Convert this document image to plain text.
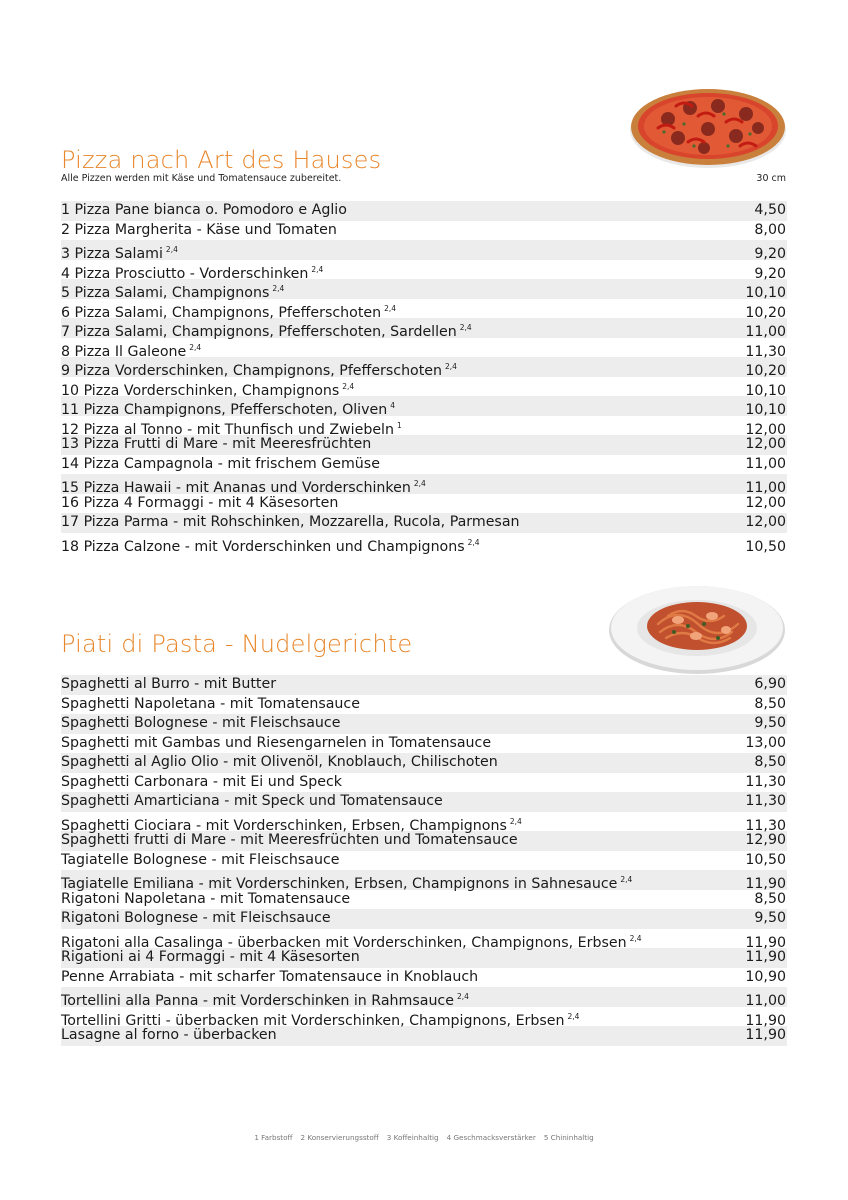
Pizza nach Art des Hauses
Alle Pizzen werden mit Käse und Tomatensauce zubereitet.	30 cm
1 Pizza Pane bianca o. Pomodoro e Aglio	4,50
2 Pizza Margherita - Käse und Tomaten	8,00
3 Pizza Salami $^{2,4}$	9,20
4 Pizza Prosciutto - Vorderschinken $^{2,4}$	9,20
5 Pizza Salami, Champignons $^{2,4}$	10,10
6 Pizza Salami, Champignons, Pfefferschoten $^{2,4}$	10,20
7 Pizza Salami, Champignons, Pfefferschoten, Sardellen $^{2,4}$	11,00
8 Pizza Il Galeone $^{2,4}$	11,30
9 Pizza Vorderschinken, Champignons, Pfefferschoten $^{2,4}$	10,20
10 Pizza Vorderschinken, Champignons $^{2,4}$	10,10
11 Pizza Champignons, Pfefferschoten, Oliven $^4$	10,10
12 Pizza al Tonno - mit Thunfisch und Zwiebeln $^1$	12,00
13 Pizza Frutti di Mare - mit Meeresfrüchten	12,00
14 Pizza Campagnola - mit frischem Gemüse	11,00
15 Pizza Hawaii - mit Ananas und Vorderschinken $^{2,4}$	11,00
16 Pizza 4 Formaggi - mit 4 Käsesorten	12,00
17 Pizza Parma - mit Rohschinken, Mozzarella, Rucola, Parmesan	12,00
18 Pizza Calzone - mit Vorderschinken und Champignons $^{2,4}$	10,50
Piati di Pasta - Nudelgerichte
Spaghetti al Burro - mit Butter	6,90
Spaghetti Napoletana - mit Tomatensauce	8,50
Spaghetti Bolognese - mit Fleischsauce	9,50
Spaghetti mit Gambas und Riesengarnelen in Tomatensauce	13,00
Spaghetti al Aglio Olio - mit Olivenöl, Knoblauch, Chilischoten	8,50
Spaghetti Carbonara - mit Ei und Speck	11,30
Spaghetti Amarticiana - mit Speck und Tomatensauce	11,30
Spaghetti Ciociara - mit Vorderschinken, Erbsen, Champignons $^{2,4}$	11,30
Spaghetti frutti di Mare - mit Meeresfrüchten und Tomatensauce	12,90
Tagiatelle Bolognese - mit Fleischsauce	10,50
Tagiatelle Emiliana - mit Vorderschinken, Erbsen, Champignons in Sahnesauce $^{2,4}$	11,90
Rigatoni Napoletana - mit Tomatensauce	8,50
Rigatoni Bolognese - mit Fleischsauce	9,50
Rigatoni alla Casalinga - überbacken mit Vorderschinken, Champignons, Erbsen $^{2,4}$	11,90
Rigationi ai 4 Formaggi - mit 4 Käsesorten	11,90
Penne Arrabiata - mit scharfer Tomatensauce in Knoblauch	10,90
Tortellini alla Panna - mit Vorderschinken in Rahmsauce $^{2,4}$	11,00
Tortellini Gritti - überbacken mit Vorderschinken, Champignons, Erbsen $^{2,4}$	11,90
Lasagne al forno - überbacken	11,90
1 Farbstoff 2 Konservierungsstoff 3 Koffeinhaltig 4 Geschmacksverstärker 5 Chininhaltig
